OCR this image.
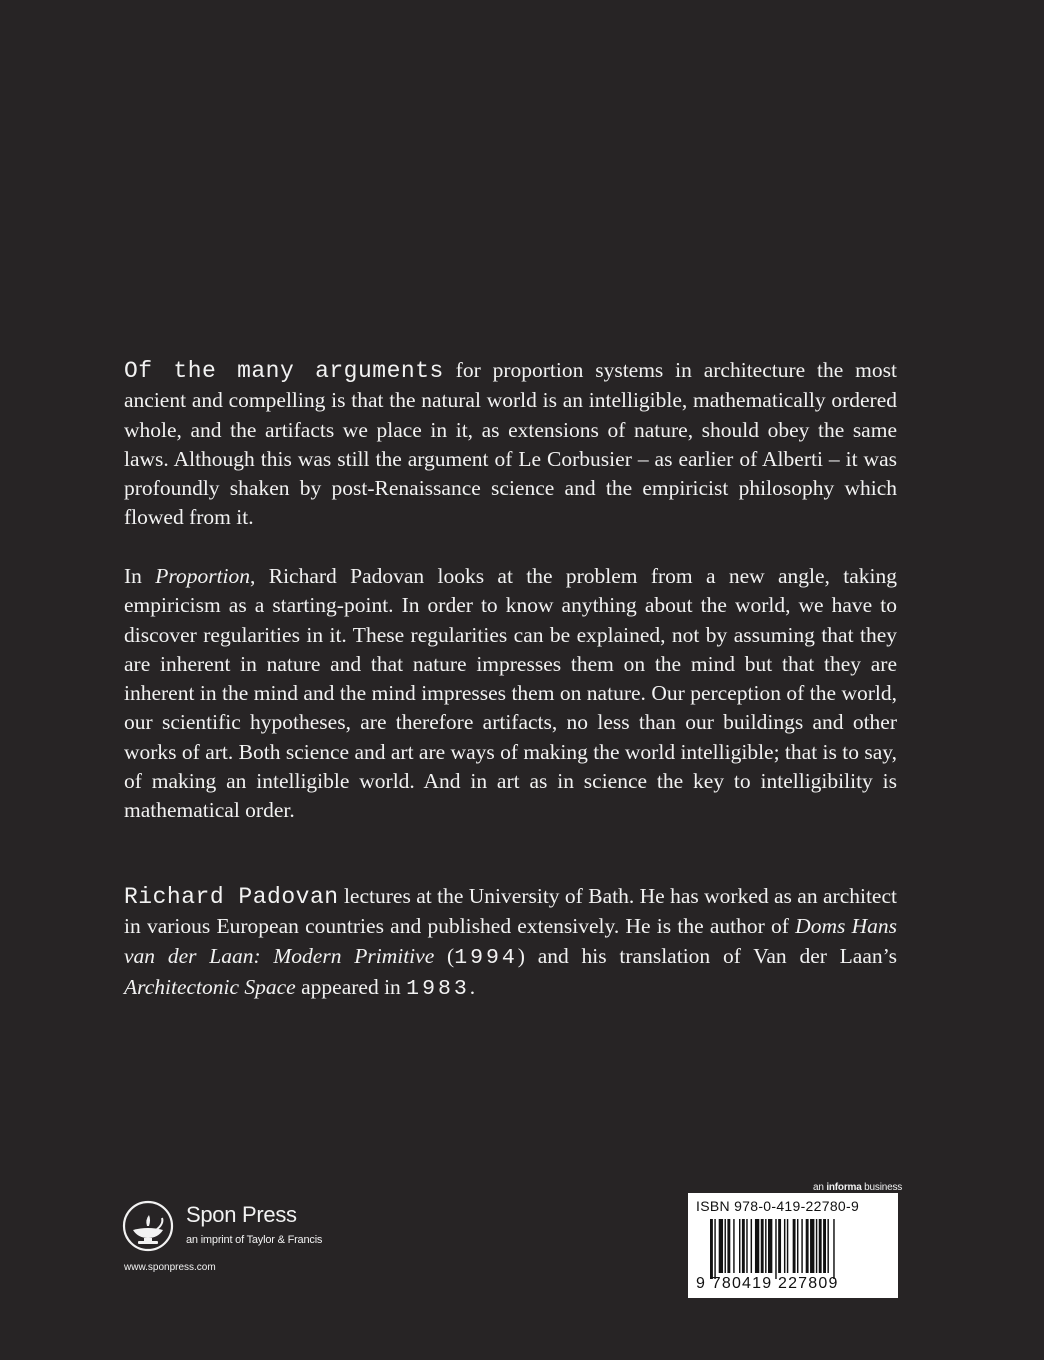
Of the many arguments for proportion systems in architecture the most ancient and compelling is that the natural world is an intelligible, mathematically ordered whole, and the artifacts we place in it, as extensions of nature, should obey the same laws. Although this was still the argument of Le Corbusier – as earlier of Alberti – it was profoundly shaken by post-Renaissance science and the empiricist philosophy which flowed from it.

In Proportion, Richard Padovan looks at the problem from a new angle, taking empiricism as a starting-point. In order to know anything about the world, we have to discover regularities in it. These regularities can be explained, not by assuming that they are inherent in nature and that nature impresses them on the mind but that they are inherent in the mind and the mind impresses them on nature. Our perception of the world, our scientific hypotheses, are therefore artifacts, no less than our buildings and other works of art. Both science and art are ways of making the world intelligible; that is to say, of making an intelligible world. And in art as in science the key to intelligibility is mathematical order.

Richard Padovan lectures at the University of Bath. He has worked as an architect in various European countries and published extensively. He is the author of Doms Hans van der Laan: Modern Primitive (1994) and his translation of Van der Laan’s Architectonic Space appeared in 1983.

Spon Press
an imprint of Taylor & Francis
www.sponpress.com
an informa business
ISBN 978-0-419-22780-9
9 780419 227809
